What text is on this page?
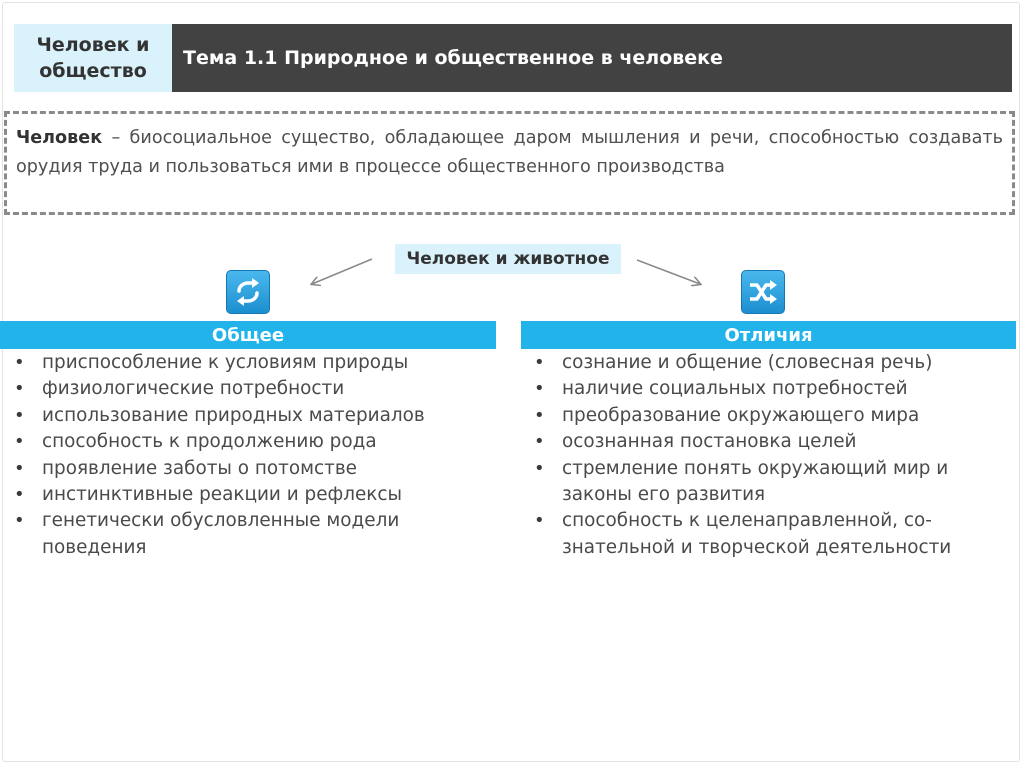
Человек и
общество
Тема 1.1 Природное и общественное в человеке
Человек – биосоциальное существо, обладающее даром мышления и речи, способностью создавать орудия труда и пользоваться ими в процессе общественного производства
Человек и животное
Общее	Отличия
• приспособление к условиям природы
• физиологические потребности
• использование природных материалов
• способность к продолжению рода
• проявление заботы о потомстве
• инстинктивные реакции и рефлексы
• генетически обусловленные модели
поведения
• сознание и общение (словесная речь)
• наличие социальных потребностей
• преобразование окружающего мира
• осознанная постановка целей
• стремление понять окружающий мир и
законы его развития
• способность к целенаправленной, со-
знательной и творческой деятельности
